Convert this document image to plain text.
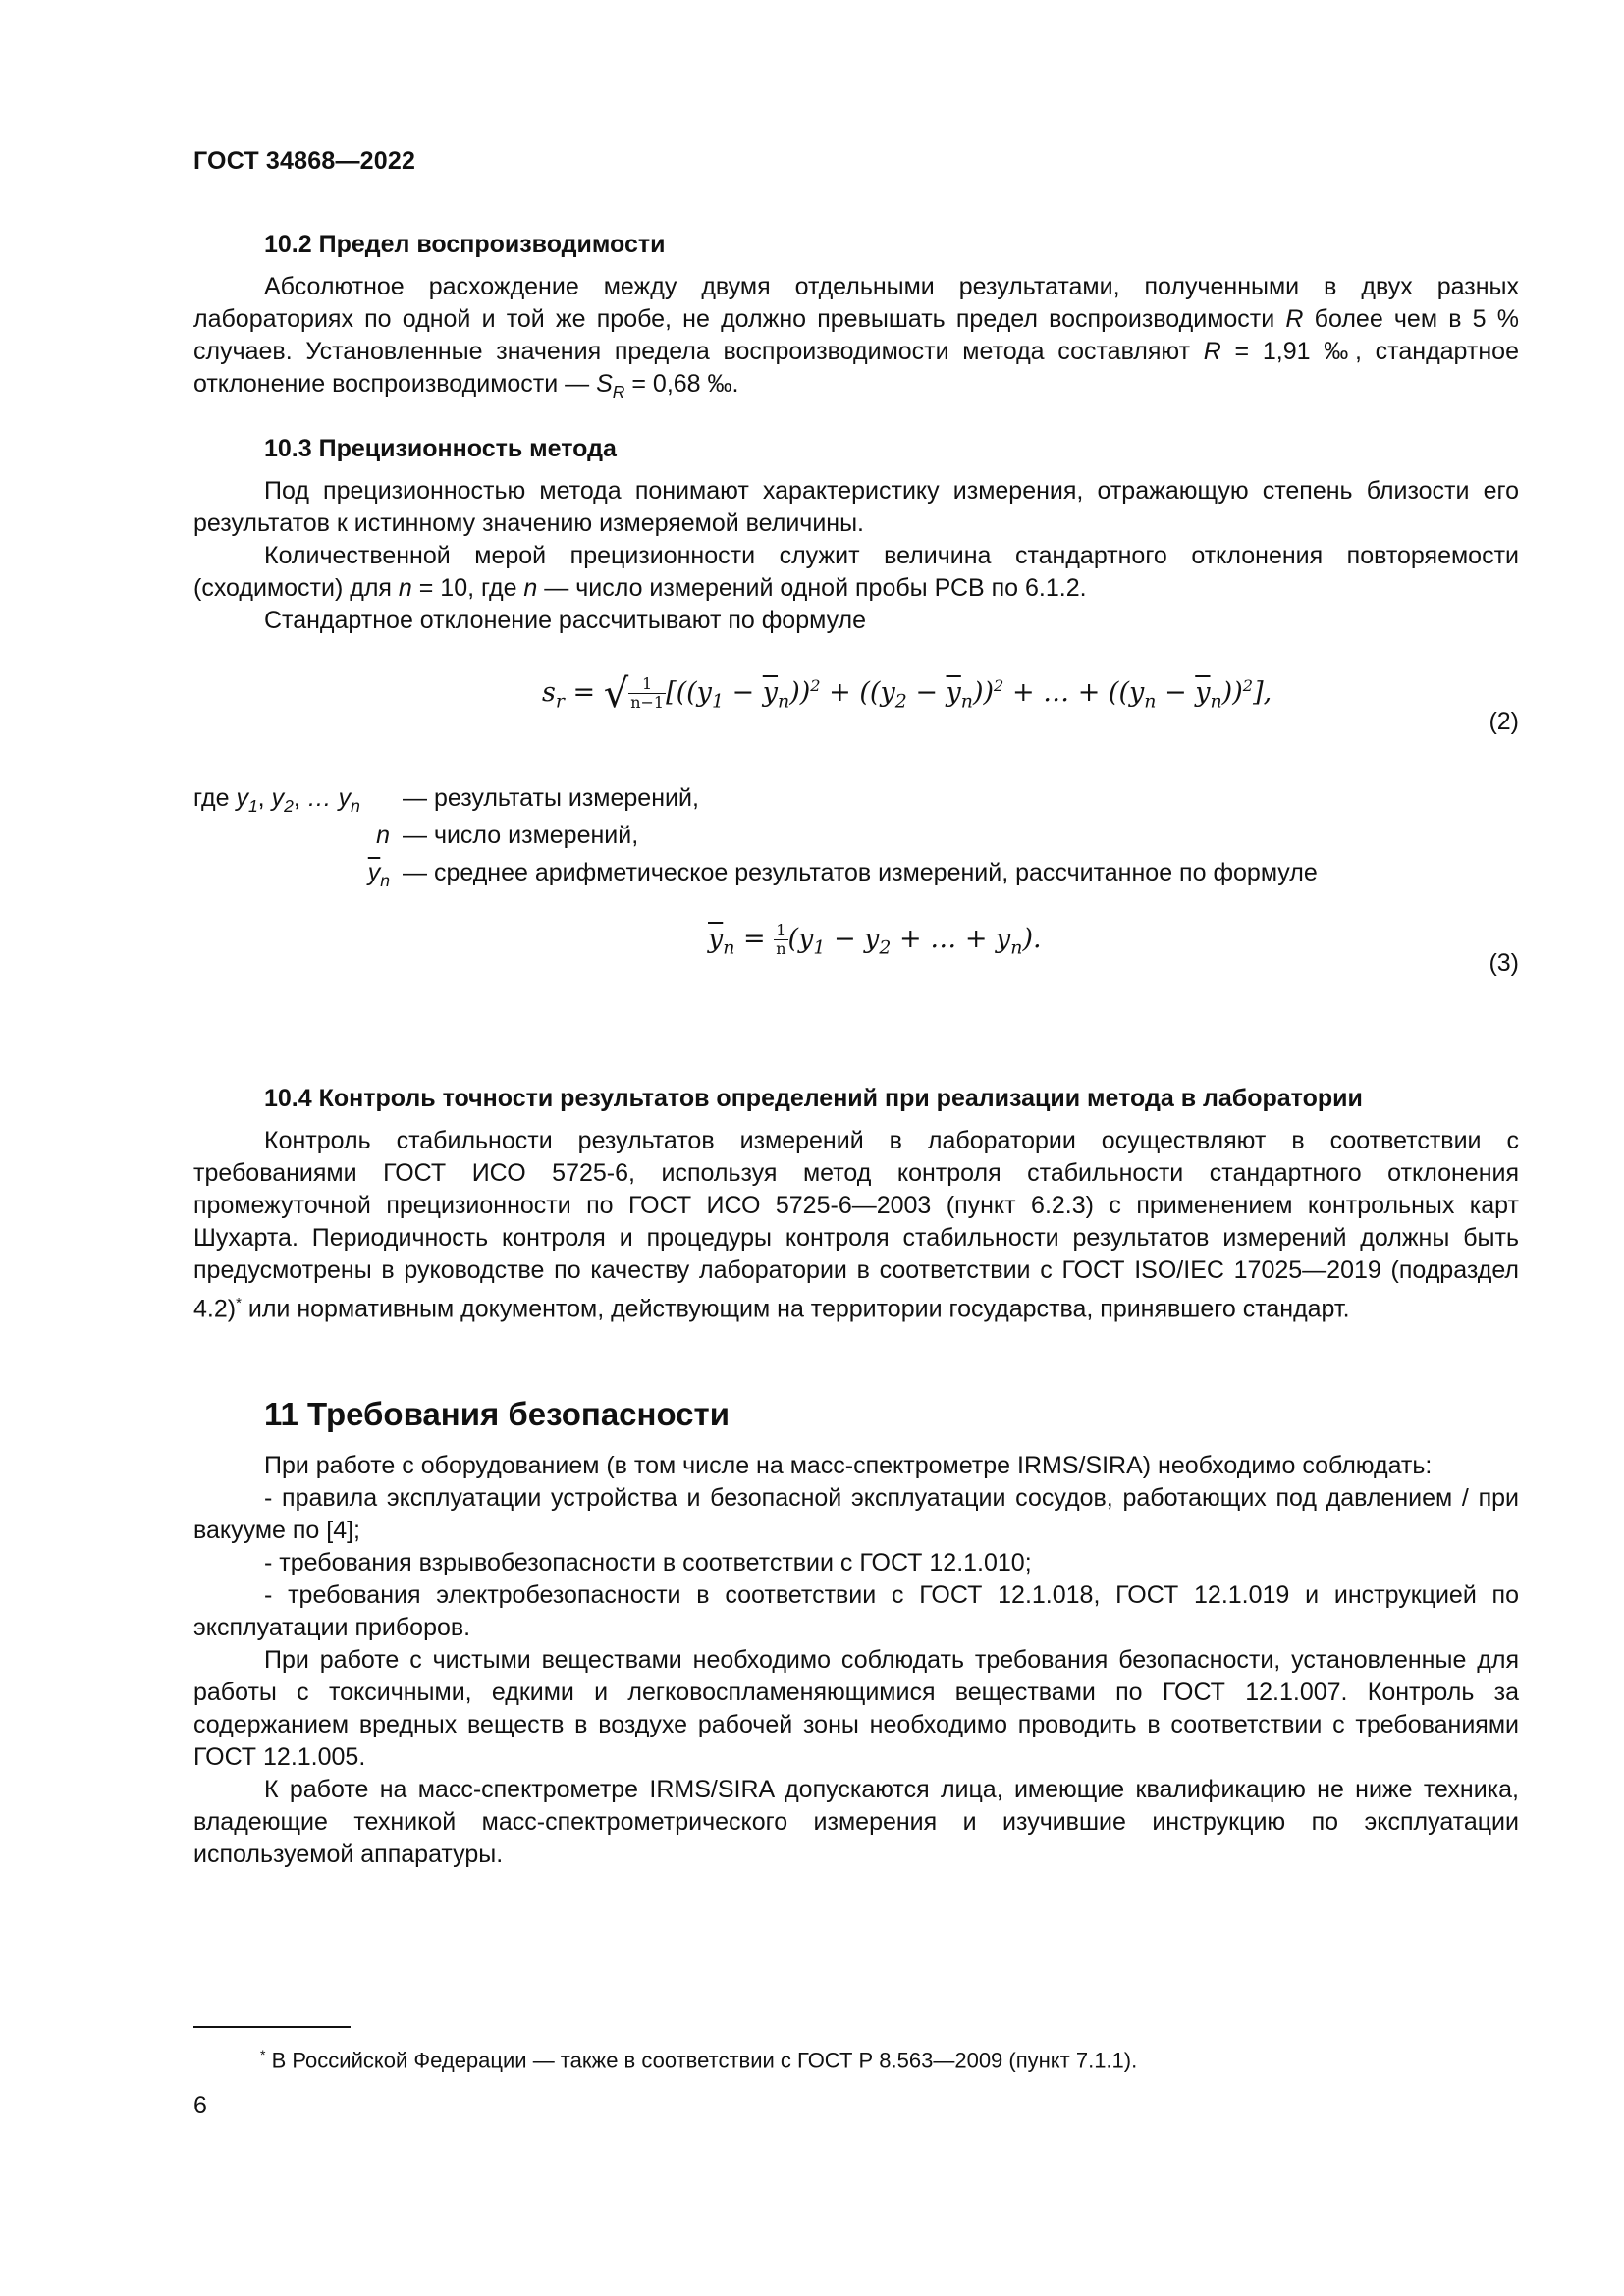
ГОСТ 34868—2022

10.2 Предел воспроизводимости

Абсолютное расхождение между двумя отдельными результатами, полученными в двух разных лабораториях по одной и той же пробе, не должно превышать предел воспроизводимости R более чем в 5 % случаев. Установленные значения предела воспроизводимости метода составляют R = 1,91 ‰, стандартное отклонение воспроизводимости — $S_R = 0,68$ ‰.

10.3 Прецизионность метода

Под прецизионностью метода понимают характеристику измерения, отражающую степень близости его результатов к истинному значению измеряемой величины.

Количественной мерой прецизионности служит величина стандартного отклонения повторяемости (сходимости) для n = 10, где n — число измерений одной пробы РСВ по 6.1.2.

Стандартное отклонение рассчитывают по формуле

$s_r$ = √ $\frac{1}{n-1} [((y_1 - \overline{y}_n))^2 + ((y_2 - \overline{y}_n))^2$ + … + $((y_n - \overline{y}_n))^2$],
(2)
где $y_1$, $y_2$, … $y_n$	— результаты измерений,
n — число измерений,
$\overline{y}_n$ — среднее арифметическое результатов измерений, рассчитанное по формуле
$\overline{y}_n = \frac{1}{n} (y_1 - y_2$ + … + $y_n$).
(3)

10.4 Контроль точности результатов определений при реализации метода в лаборатории

Контроль стабильности результатов измерений в лаборатории осуществляют в соответствии с требованиями ГОСТ ИСО 5725-6, используя метод контроля стабильности стандартного отклонения промежуточной прецизионности по ГОСТ ИСО 5725-6—2003 (пункт 6.2.3) с применением контрольных карт Шухарта. Периодичность контроля и процедуры контроля стабильности результатов измерений должны быть предусмотрены в руководстве по качеству лаборатории в соответствии с ГОСТ ISO/IEC 17025—2019 (подраздел 4.2)* или нормативным документом, действующим на территории государства, принявшего стандарт.

11 Требования безопасности

При работе с оборудованием (в том числе на масс-спектрометре IRMS/SIRA) необходимо соблюдать:

- правила эксплуатации устройства и безопасной эксплуатации сосудов, работающих под давлением / при вакууме по [4];

- требования взрывобезопасности в соответствии с ГОСТ 12.1.010;

- требования электробезопасности в соответствии с ГОСТ 12.1.018, ГОСТ 12.1.019 и инструкцией по эксплуатации приборов.

При работе с чистыми веществами необходимо соблюдать требования безопасности, установленные для работы с токсичными, едкими и легковоспламеняющимися веществами по ГОСТ 12.1.007. Контроль за содержанием вредных веществ в воздухе рабочей зоны необходимо проводить в соответствии с требованиями ГОСТ 12.1.005.

К работе на масс-спектрометре IRMS/SIRA допускаются лица, имеющие квалификацию не ниже техника, владеющие техникой масс-спектрометрического измерения и изучившие инструкцию по эксплуатации используемой аппаратуры.

* В Российской Федерации — также в соответствии с ГОСТ Р 8.563—2009 (пункт 7.1.1).
6
